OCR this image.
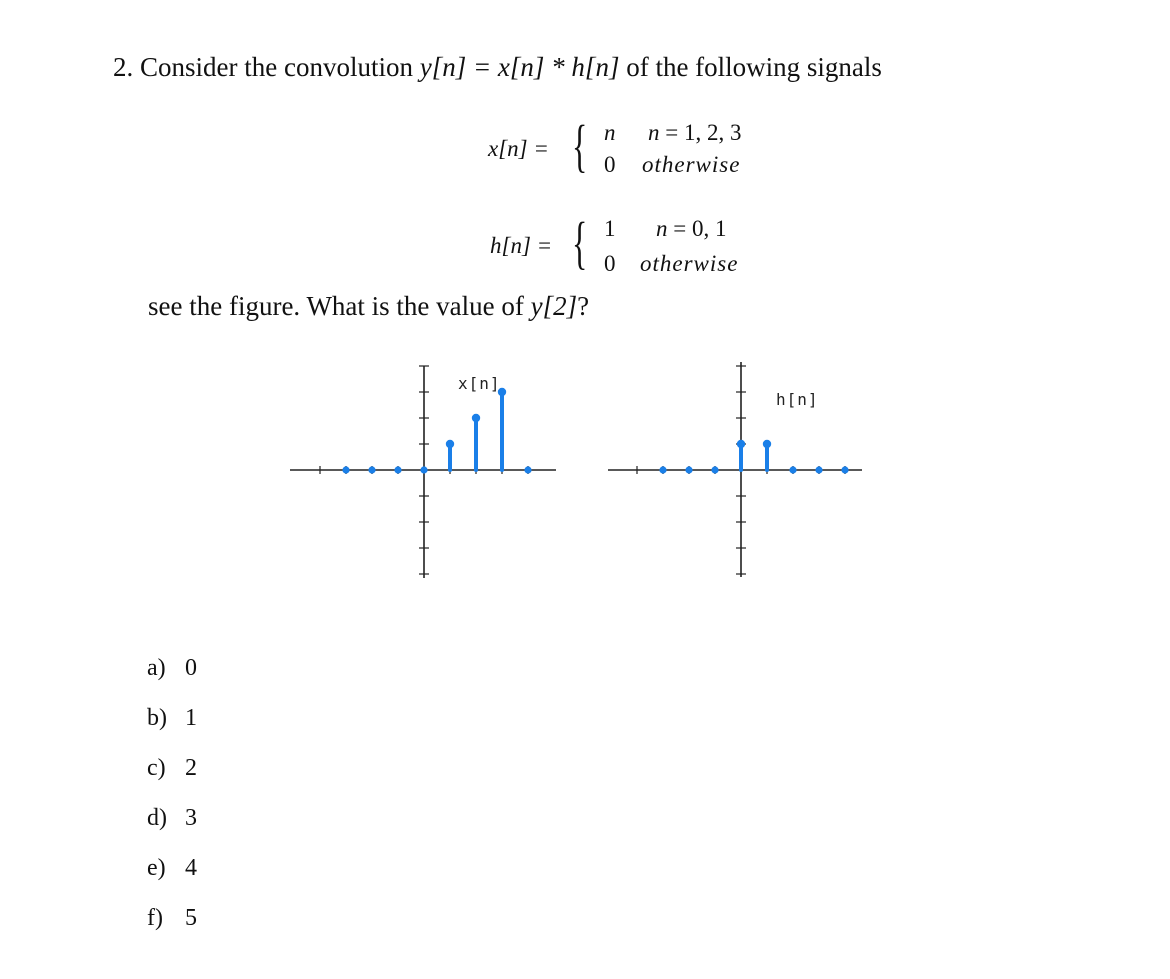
2. Consider the convolution y[n] = x[n] * h[n] of the following signals
x[n] = { n n = 1, 2, 3
0 otherwise
h[n] = { 1 n = 0, 1
0 otherwise
see the figure. What is the value of y[2]?
x[n]
h[n]
a) 0
b) 1
c) 2
d) 3
e) 4
f) 5
